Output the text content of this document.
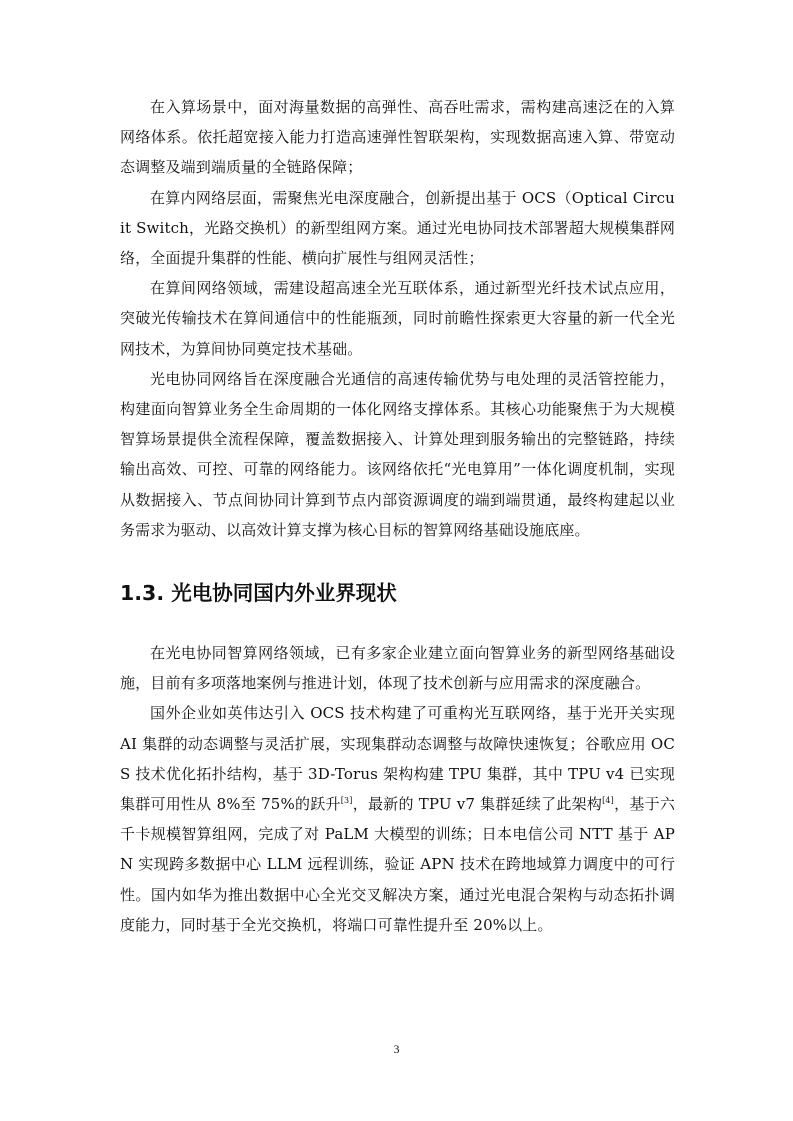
在入算场景中，面对海量数据的高弹性、高吞吐需求，需构建高速泛在的入算网络体系。依托超宽接入能力打造高速弹性智联架构，实现数据高速入算、带宽动态调整及端到端质量的全链路保障；

在算内网络层面，需聚焦光电深度融合，创新提出基于 OCS（Optical Circuit Switch，光路交换机）的新型组网方案。通过光电协同技术部署超大规模集群网络，全面提升集群的性能、横向扩展性与组网灵活性；

在算间网络领域，需建设超高速全光互联体系，通过新型光纤技术试点应用，突破光传输技术在算间通信中的性能瓶颈，同时前瞻性探索更大容量的新一代全光网技术，为算间协同奠定技术基础。

光电协同网络旨在深度融合光通信的高速传输优势与电处理的灵活管控能力，构建面向智算业务全生命周期的一体化网络支撑体系。其核心功能聚焦于为大规模智算场景提供全流程保障，覆盖数据接入、计算处理到服务输出的完整链路，持续输出高效、可控、可靠的网络能力。该网络依托“光电算用”一体化调度机制，实现从数据接入、节点间协同计算到节点内部资源调度的端到端贯通，最终构建起以业务需求为驱动、以高效计算支撑为核心目标的智算网络基础设施底座。

1.3. 光电协同国内外业界现状

在光电协同智算网络领域，已有多家企业建立面向智算业务的新型网络基础设施，目前有多项落地案例与推进计划，体现了技术创新与应用需求的深度融合。

国外企业如英伟达引入 OCS 技术构建了可重构光互联网络，基于光开关实现 AI 集群的动态调整与灵活扩展，实现集群动态调整与故障快速恢复；谷歌应用 OCS 技术优化拓扑结构，基于 3D-Torus 架构构建 TPU 集群，其中 TPU v4 已实现集群可用性从 8%至 75%的跃升[3]，最新的 TPU v7 集群延续了此架构[4]，基于六千卡规模智算组网，完成了对 PaLM 大模型的训练；日本电信公司 NTT 基于 APN 实现跨多数据中心 LLM 远程训练，验证 APN 技术在跨地域算力调度中的可行性。国内如华为推出数据中心全光交叉解决方案，通过光电混合架构与动态拓扑调度能力，同时基于全光交换机，将端口可靠性提升至 20%以上。

3
